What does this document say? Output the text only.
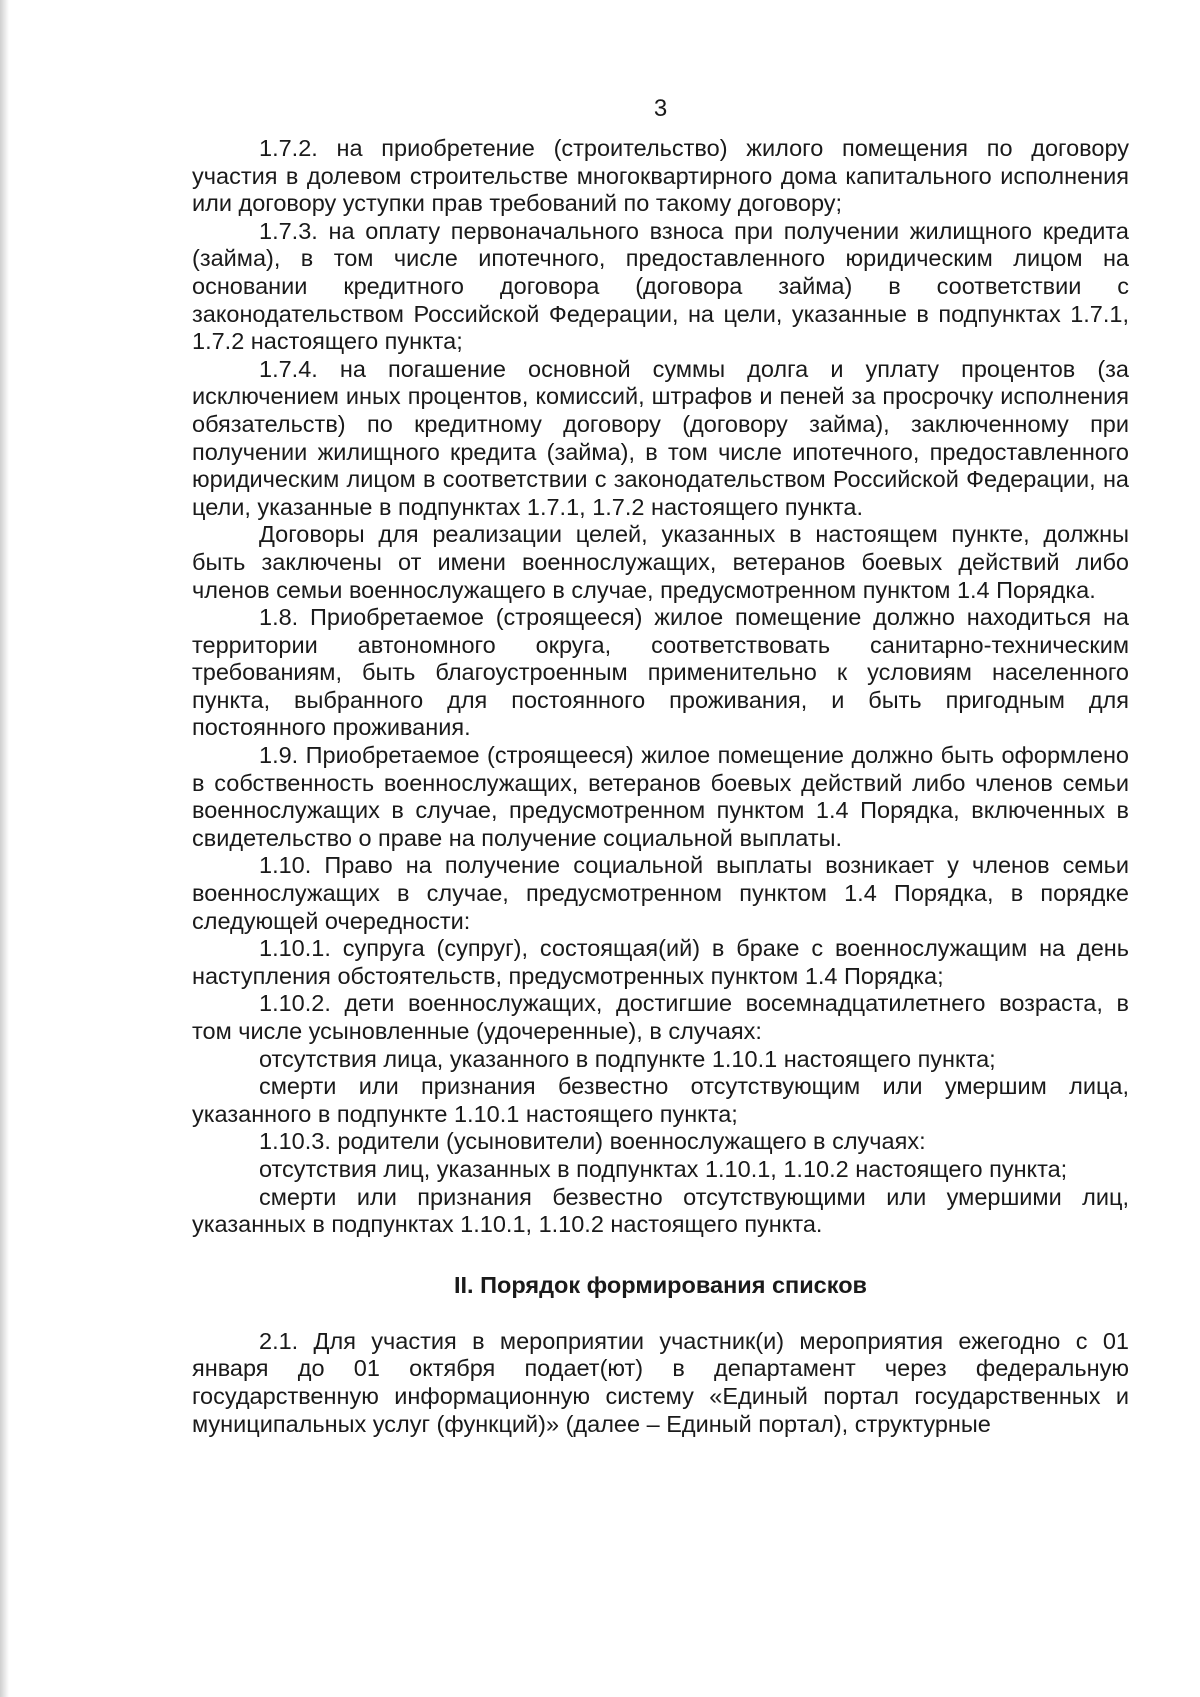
3

1.7.2. на приобретение (строительство) жилого помещения по договору участия в долевом строительстве многоквартирного дома капитального исполнения или договору уступки прав требований по такому договору;

1.7.3. на оплату первоначального взноса при получении жилищного кредита (займа), в том числе ипотечного, предоставленного юридическим лицом на основании кредитного договора (договора займа) в соответствии с законодательством Российской Федерации, на цели, указанные в подпунктах 1.7.1, 1.7.2 настоящего пункта;

1.7.4. на погашение основной суммы долга и уплату процентов (за исключением иных процентов, комиссий, штрафов и пеней за просрочку исполнения обязательств) по кредитному договору (договору займа), заключенному при получении жилищного кредита (займа), в том числе ипотечного, предоставленного юридическим лицом в соответствии с законодательством Российской Федерации, на цели, указанные в подпунктах 1.7.1, 1.7.2 настоящего пункта.

Договоры для реализации целей, указанных в настоящем пункте, должны быть заключены от имени военнослужащих, ветеранов боевых действий либо членов семьи военнослужащего в случае, предусмотренном пунктом 1.4 Порядка.

1.8. Приобретаемое (строящееся) жилое помещение должно находиться на территории автономного округа, соответствовать санитарно-техническим требованиям, быть благоустроенным применительно к условиям населенного пункта, выбранного для постоянного проживания, и быть пригодным для постоянного проживания.

1.9. Приобретаемое (строящееся) жилое помещение должно быть оформлено в собственность военнослужащих, ветеранов боевых действий либо членов семьи военнослужащих в случае, предусмотренном пунктом 1.4 Порядка, включенных в свидетельство о праве на получение социальной выплаты.

1.10. Право на получение социальной выплаты возникает у членов семьи военнослужащих в случае, предусмотренном пунктом 1.4 Порядка, в порядке следующей очередности:

1.10.1. супруга (супруг), состоящая(ий) в браке с военнослужащим на день наступления обстоятельств, предусмотренных пунктом 1.4 Порядка;

1.10.2. дети военнослужащих, достигшие восемнадцатилетнего возраста, в том числе усыновленные (удочеренные), в случаях:

отсутствия лица, указанного в подпункте 1.10.1 настоящего пункта;

смерти или признания безвестно отсутствующим или умершим лица, указанного в подпункте 1.10.1 настоящего пункта;

1.10.3. родители (усыновители) военнослужащего в случаях:

отсутствия лиц, указанных в подпунктах 1.10.1, 1.10.2 настоящего пункта;

смерти или признания безвестно отсутствующими или умершими лиц, указанных в подпунктах 1.10.1, 1.10.2 настоящего пункта.

II. Порядок формирования списков

2.1. Для участия в мероприятии участник(и) мероприятия ежегодно с 01 января до 01 октября подает(ют) в департамент через федеральную государственную информационную систему «Единый портал государственных и муниципальных услуг (функций)» (далее – Единый портал), структурные
